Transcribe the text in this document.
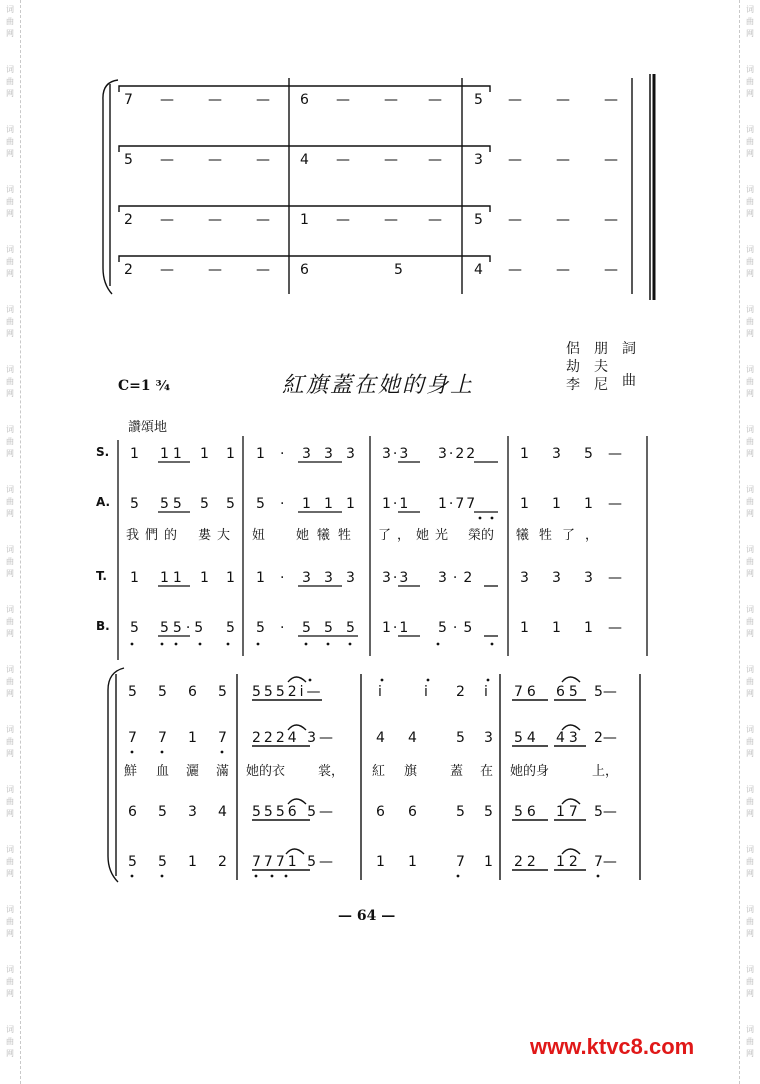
词曲网
词曲网
词曲网
词曲网
词曲网
词曲网
词曲网
词曲网
词曲网
词曲网
词曲网
词曲网
词曲网
词曲网
词曲网
词曲网
词曲网
词曲网
词曲网
词曲网
词曲网
词曲网
词曲网
词曲网
词曲网
词曲网
词曲网
词曲网
词曲网
词曲网
词曲网
词曲网
词曲网
词曲网
词曲网
词曲网
7 — — — 6 — — — 5 — — —
5 — — — 4 — — — 3 — — —
2 — — — 1 — — — 5 — — —
2 — — — 6	5	4 — — —
C=1 ¾	紅旗蓋在她的身上
詞
侶
劫
李
朋
夫
尼 曲
讚頌地
S.
A.
T.
B.
1 11 1 1 1 · 3 3 3 3·3 3·22	1 3 5 —
5 55 5 5 5 · 1 1 1 1·1 1·77	1 1 1 —
我們的 婁大 妞 她犧牲 了，她光 榮的 犧牲了，
1 11 1 1 1 · 3 3 3 3·3 3·2	3 3 3 —
5 55·5 5 5 · 5 5 5 1·1 5·5	1 1 1 —
5 5 6 5 5552i—	i	i 2 i 76 65 5—
7 7 1 7 2224 3—	4 4	5 3 54 43 2—
鮮 血 灑 滿 她的衣	裳， 紅 旗	蓋 在 她的身	上，
6 5 3 4 5556 5—	6 6	5 5 56 17 5—
5 5 1 2 7771 5—	1 1	7 1 22 12 7—
— 64 —
www.ktvc8.com
